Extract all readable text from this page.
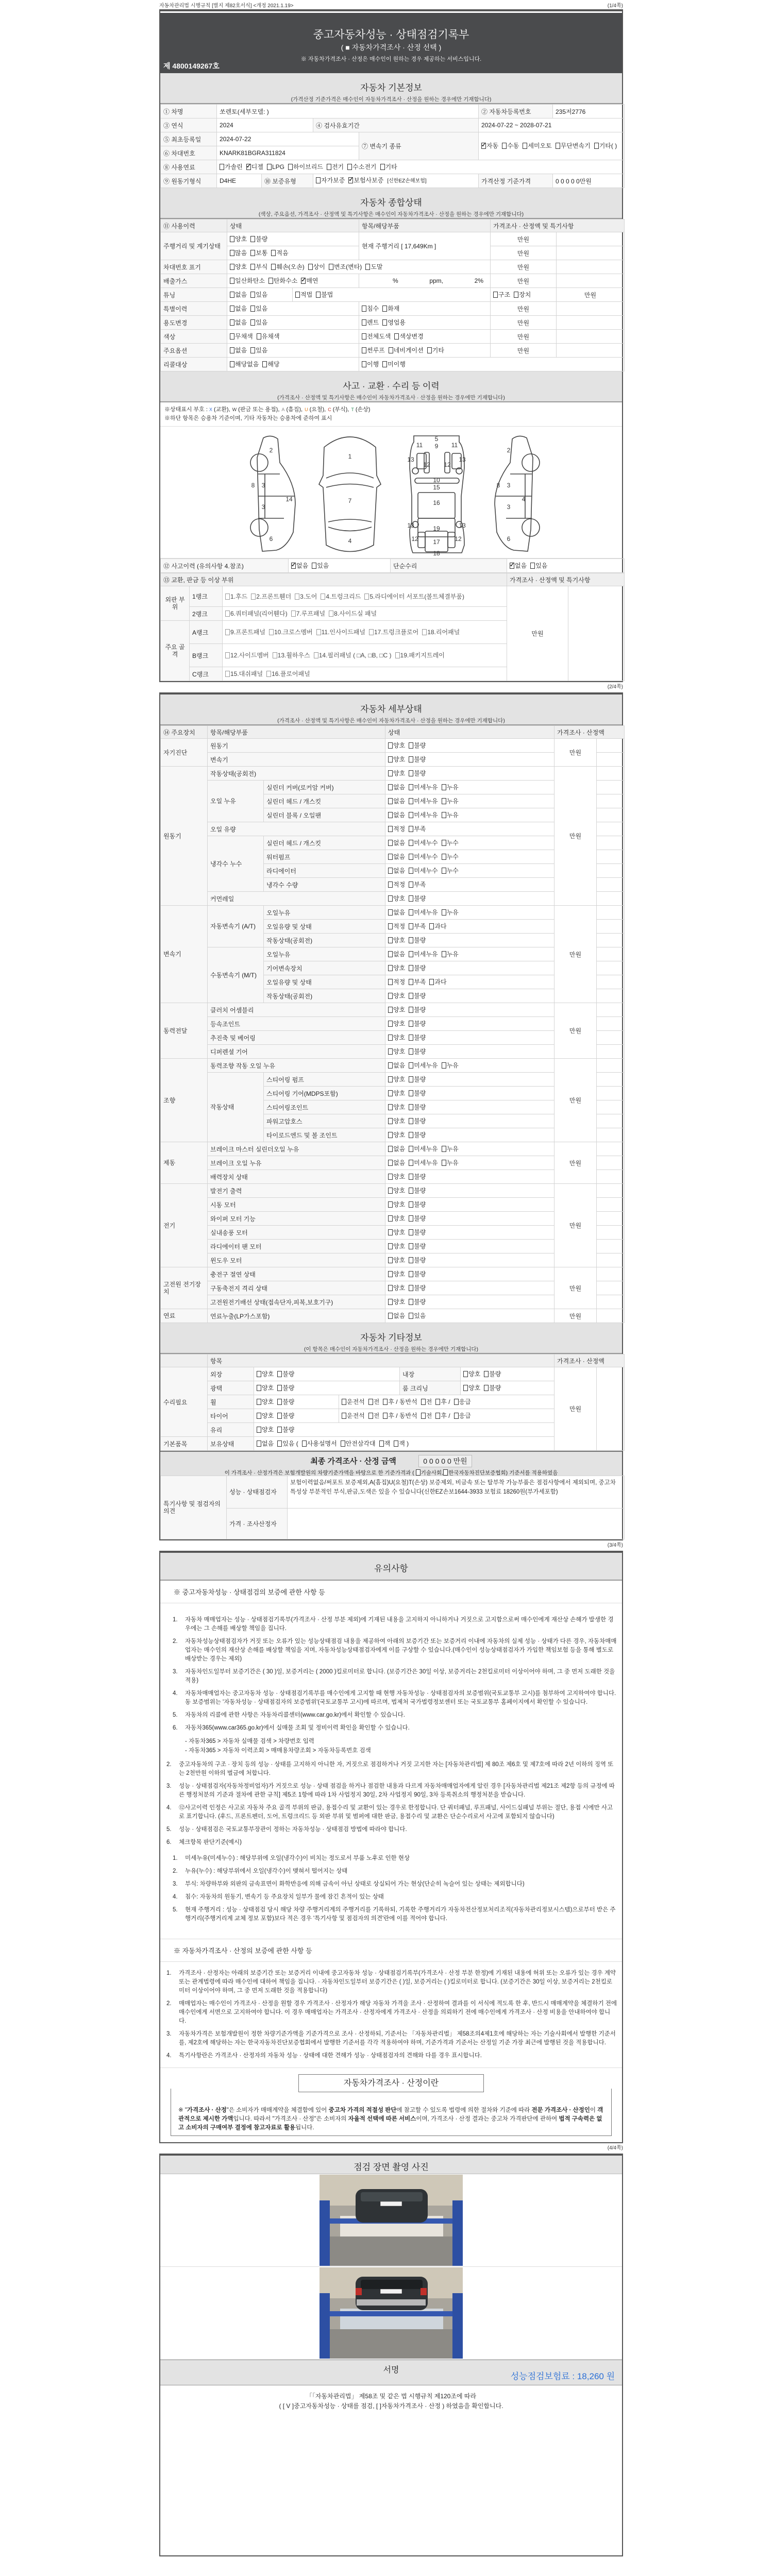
자동차관리법 시행규칙 [별지 제82호서식] <개정 2021.1.19>	(1/4쪽)
중고자동차성능 · 상태점검기록부
( ■ 자동차가격조사 · 산정 선택 )
※ 자동차가격조사 · 산정은 매수인이 원하는 경우 제공하는 서비스입니다.
제 4800149267호
자동차 기본정보
(가격산정 기준가격은 매수인이 자동차가격조사 · 산정을 원하는 경우에만 기재합니다)
① 차명	쏘렌토(세부모델: )				② 자동차등록번호	235저2776
③ 연식	2024		④ 검사유효기간		2024-07-22 ~ 2028-07-21	
⑤ 최초등록일	2024-07-22			⑦ 변속기 종류	✓자동 수동 세미오토 무단변속기 기타( )
⑥ 차대번호	KNARK81BGRA311824					
⑧ 사용연료	가솔린 ✓ 디젤 LPG 하이브리드 전기 수소전기 기타
⑨ 원동기형식	D4HE	⑩ 보증유형	자가보증 ✓ 보험사보증 [신한EZ손해보험]		가격산정 기준가격	0 0 0 0 0만원
자동차 종합상태
(색상, 주요옵션, 가격조사 · 산정액 및 특기사항은 매수인이 자동차가격조사 · 산정을 원하는 경우에만 기재합니다)
⑪ 사용이력	상태		항목/해당부품	가격조사 · 산정액 및 특기사항		
주행거리 및 계기상태	양호 불량		현재 주행거리 [ 17,649Km ]	만원		
	많음 보통 적음			만원		
차대번호 표기	양호 부식 훼손(오손) 상이 변조(변타) 도말			만원		
배출가스	일산화탄소 탄화수소 ✓ 매연		% ppm, 2%	만원		
튜닝	없음 있음	적법 불법		구조 장치	만원	
특별이력	없음 있음		침수 화재	만원		
용도변경	없음 있음		렌트 영업용	만원		
색상	무채색 유채색		전체도색 색상변경	만원		
주요옵션	없음 있음		썬루프 네비게이션 기타	만원		
리콜대상	해당없음 해당		이행 미이행			
사고 · 교환 · 수리 등 이력
(가격조사 · 산정액 및 특기사항은 매수인이 자동차가격조사 · 산정을 원하는 경우에만 기재합니다)
※상태표시 부호 : X (교환), W (판금 또는 용접), A (흠집), U (요철), C (부식), T (손상)
※하단 항목은 승용차 기준이며, 기타 자동차는 승용차에 준하여 표시
2
8 3
3
14
6
1
7
4
5
9
11	11
13	13
12 12
10
15
16
19
13	13
17
12	12
18
2
3
8
4
3
6
⑫ 사고이력 (유의사항 4.참조)	✓없음 있음	단순수리	✓없음 있음
⑬ 교환, 판금 등 이상 부위			가격조사 · 산정액 및 특기사항	
외판 부위	1랭크	1.후드 2.프론트휀더 3.도어 4.트렁크리드 5.라디에이터 서포트(볼트체결부품)	만원	
	2랭크	6.쿼터패널(리어휀다) 7.루프패널 8.사이드실 패널		
주요 골격	A랭크	9.프론트패널 10.크로스멤버 11.인사이드패널 17.트렁크플로어 18.리어패널		
	B랭크	12.사이드멤버 13.휠하우스 14.필러패널 ( □A, □B, □C ) 19.패키지트레이		
	C랭크	15.대쉬패널 16.플로어패널		
(2/4쪽)
자동차 세부상태
(가격조사 · 산정액 및 특기사항은 매수인이 자동차가격조사 · 산정을 원하는 경우에만 기재합니다)
⑭ 주요장치	항목/해당부품		상태	가격조사 · 산정액	
자기진단	원동기		양호 불량	만원	
	변속기		양호 불량		
원동기	작동상태(공회전)		양호 불량	만원	
	오일 누유	실린더 커버(로커암 커버)	없음 미세누유 누유		
		실린더 헤드 / 개스킷	없음 미세누유 누유		
		실린더 블록 / 오일팬	없음 미세누유 누유		
	오일 유량		적정 부족		
	냉각수 누수	실린더 헤드 / 개스킷	없음 미세누수 누수		
		워터펌프	없음 미세누수 누수		
		라디에이터	없음 미세누수 누수		
		냉각수 수량	적정 부족		
	커먼레일		양호 불량		
변속기	자동변속기 (A/T)	오일누유	없음 미세누유 누유	만원	
		오일유량 및 상태	적정 부족 과다		
		작동상태(공회전)	양호 불량		
	수동변속기 (M/T)	오일누유	없음 미세누유 누유		
		기어변속장치	양호 불량		
		오일유량 및 상태	적정 부족 과다		
		작동상태(공회전)	양호 불량		
동력전달	클러치 어셈블리		양호 불량	만원	
	등속조인트		양호 불량		
	추진축 및 베어링		양호 불량		
	디퍼렌셜 기어		양호 불량		
조향	동력조향 작동 오일 누유		없음 미세누유 누유	만원	
	작동상태	스티어링 펌프	양호 불량		
		스티어링 기어(MDPS포함)	양호 불량		
		스티어링조인트	양호 불량		
		파워고압호스	양호 불량		
		타이로드엔드 및 볼 조인트	양호 불량		
제동	브레이크 마스터 실린더오일 누유		없음 미세누유 누유	만원	
	브레이크 오일 누유		없음 미세누유 누유		
	배력장치 상태		양호 불량		
전기	발전기 출력		양호 불량	만원	
	시동 모터		양호 불량		
	와이퍼 모터 기능		양호 불량		
	실내송풍 모터		양호 불량		
	라디에이터 팬 모터		양호 불량		
	윈도우 모터		양호 불량		
고전원 전기장치	충전구 절연 상태		양호 불량	만원	
	구동축전지 격리 상태		양호 불량		
	고전원전기배선 상태(접속단자,피복,보호기구)		양호 불량		
연료	연료누출(LP가스포함)		없음 있음	만원	
자동차 기타정보
(이 항목은 매수인이 자동차가격조사 · 산정을 원하는 경우에만 기재합니다)
	항목					가격조사 · 산정액	
수리필요	외장	양호 불량		내장	양호 불량	만원	
	광택	양호 불량		룸 크리닝	양호 불량		
	휠	양호 불량	운전석 전 후 / 동반석 전 후 / 응급				
	타이어	양호 불량	운전석 전 후 / 동반석 전 후 / 응급				
	유리	양호 불량					
기본품목	보유상태	없음 있음 ( 사용설명서 안전삼각대 잭 잭 )					
최종 가격조사 · 산정 금액	0 0 0 0 0 만원
이 가격조사 · 산정가격은 보험개발원의 차량기준가액을 바탕으로 한 기준가격과 ( 기술사회, 한국자동차진단보증협회) 기준서를 적용하였음
특기사항 및 점검자의 의견	성능 · 상태점검자	보험이력없음/써포트 보증제외,A(흠집)U(요철)T(손상) 보증제외, 비금속 또는 탈부착 가능부품은 점검사항에서 제외되며, 중고차 특성상 부분적인 부식,판금,도색은 있을 수 있습니다(신한EZ손보1644-3933 보험료 18260원(부가세포함)
	가격 · 조사산정자	
(3/4쪽)
유의사항
※ 중고자동차성능 · 상태점검의 보증에 관한 사항 등
1.	자동차 매매업자는 성능 · 상태점검기록부(가격조사 · 산정 부분 제외)에 기재된 내용을 고지하지 아니하거나 거짓으로 고지함으로써 매수인에게 재산상 손해가 발생한 경우에는 그 손해를 배상할 책임을 집니다.
2.	자동차성능상태점검자가 거짓 또는 오류가 있는 성능상태점검 내용을 제공하여 아래의 보증기간 또는 보증거리 이내에 자동차의 실제 성능 · 상태가 다른 경우, 자동차매매업자는 매수인의 재산상 손해를 배상할 책임을 지며, 자동차성능상태점검자에게 이를 구상할 수 있습니다.(매수인이 성능상태점검자가 가입한 책임보험 등을 통해 별도로 배상받는 경우는 제외)
3.	자동차인도일부터 보증기간은 ( 30 )일, 보증거리는 ( 2000 )킬로미터로 합니다. (보증기간은 30일 이상, 보증거리는 2천킬로미터 이상이어야 하며, 그 중 먼저 도래한 것을 적용)
4.	자동차매매업자는 중고자동차 성능 · 상태점검기록부를 매수인에게 고지할 때 현행 자동차성능 · 상태점검자의 보증범위(국토교통부 고시)를 첨부하여 고지하여야 합니다. 동 보증범위는 '자동차성능 · 상태점검자의 보증범위'(국토교통부 고시)에 따르며, 법제처 국가법령정보센터 또는 국토교통부 홈페이지에서 확인할 수 있습니다.
5.	자동차의 리콜에 관한 사항은 자동차리콜센터(www.car.go.kr)에서 확인할 수 있습니다.
6.	자동차365(www.car365.go.kr)에서 실매물 조회 및 정비이력 확인을 확인할 수 있습니다.
- 자동차365 > 자동차 실매물 검색 > 차량번호 입력
- 자동차365 > 자동차 이력조회 > 매매용차량조회 > 자동차등록번호 검색
2.	중고자동차의 구조 · 장치 등의 성능 · 상태를 고지하지 아니한 자, 거짓으로 점검하거나 거짓 고지한 자는 [자동차관리법] 제 80조 제6호 및 제7호에 따라 2년 이하의 징역 또는 2천만원 이하의 벌금에 처합니다.
3.	성능 · 상태점검자(자동차정비업자)가 거짓으로 성능 · 상태 점검을 하거나 점검한 내용과 다르게 자동차매매업자에게 알린 경우 [자동차관리법 제21조 제2항 등의 규정에 따른 행정처분의 기준과 절차에 관한 규칙] 제5조 1항에 따라 1차 사업정지 30일, 2차 사업정지 90일, 3차 등록취소의 행정처분을 받습니다.
4.	⑫사고이력 인정은 사고로 자동차 주요 골격 부위의 판금, 용접수리 및 교환이 있는 경우로 한정합니다. 단 쿼터패널, 루프패널, 사이드실패널 부위는 절단, 용접 시에만 사고로 표기합니다. (후드, 프론트펜더, 도어, 트렁크리드 등 외판 부위 및 범퍼에 대한 판금, 용접수리 및 교환은 단순수리로서 사고에 포함되지 않습니다)
5.	성능 · 상태점검은 국토교통부장관이 정하는 자동차성능 · 상태점검 방법에 따라야 합니다.
6.	체크항목 판단기준(예시)
1.	미세누유(미세누수) : 해당부위에 오일(냉각수)이 비치는 정도로서 부품 노후로 인한 현상
2.	누유(누수) : 해당부위에서 오일(냉각수)이 맺혀서 떨어지는 상태
3.	부식: 차량하부와 외판의 금속표면이 화학반응에 의해 금속이 아닌 상태로 상실되어 가는 현상(단순히 녹슬어 있는 상태는 제외합니다)
4.	침수: 자동차의 원동기, 변속기 등 주요장치 일부가 물에 잠긴 흔적이 있는 상태
5.	현재 주행거리 : 성능 · 상태점검 당시 해당 차량 주행거리계의 주행거리를 기록하되, 기록한 주행거리가 자동차전산정보처리조직(자동차관리정보시스템)으로부터 받은 주행거리(주행거리계 교체 정보 포함)보다 적은 경우 '특기사항 및 점검자의 의견'란에 이를 적어야 합니다.
※ 자동차가격조사 · 산정의 보증에 관한 사항 등
1.	가격조사 · 산정자는 아래의 보증기간 또는 보증거리 이내에 중고자동차 성능 · 상태점검기록부(가격조사 · 산정 부분 한정)에 기재된 내용에 허위 또는 오류가 있는 경우 계약 또는 관계법령에 따라 매수인에 대하여 책임을 집니다. · 자동차인도일부터 보증기간은 ( )일, 보증거리는 ( )킬로미터로 합니다. (보증기간은 30일 이상, 보증거리는 2천킬로미터 이상이어야 하며, 그 중 먼저 도래한 것을 적용합니다)
2.	매매업자는 매수인이 가격조사 · 산정을 원할 경우 가격조사 · 산정자가 해당 자동차 가격을 조사 · 산정하여 결과를 이 서식에 적도록 한 후, 반드시 매매계약을 체결하기 전에 매수인에게 서면으로 고지하여야 합니다. 이 경우 매매업자는 가격조사 · 산정자에게 가격조사 · 산정을 의뢰하기 전에 매수인에게 가격조사 · 산정 비용을 안내하여야 합니다.
3.	자동차가격은 보험개발원이 정한 차량기준가액을 기준가격으로 조사 · 산정하되, 기준서는 「자동차관리법」 제58조의4제1호에 해당하는 자는 기술사회에서 발행한 기준서를, 제2호에 해당하는 자는 한국자동차진단보증협회에서 발행한 기준서를 각각 적용하여야 하며, 기준가격과 기준서는 산정일 기준 가장 최근에 발행된 것을 적용합니다.
4.	특기사항란은 가격조사 · 산정자의 자동차 성능 · 상태에 대한 견해가 성능 · 상태점검자의 견해와 다를 경우 표시합니다.
자동차가격조사 · 산정이란
※ "가격조사 · 산정"은 소비자가 매매계약을 체결함에 있어 중고차 가격의 적절성 판단에 참고할 수 있도록 법령에 의한 절차와 기준에 따라 전문 가격조사 · 산정인이 객관적으로 제시한 가액입니다. 따라서 "가격조사 · 산정"은 소비자의 자율적 선택에 따른 서비스이며, 가격조사 · 산정 결과는 중고차 가격판단에 관하여 법적 구속력은 없고 소비자의 구매여부 결정에 참고자료로 활용됩니다.
(4/4쪽)
점검 장면 촬영 사진
서명
성능점검보험료 : 18,260 원
「「자동차관리법」 제58조 및 같은 법 시행규칙 제120조에 따라
( [ V ]중고자동차성능 · 상태를 점검, [ ]자동차가격조사 · 산정 ) 하였음을 확인합니다.
